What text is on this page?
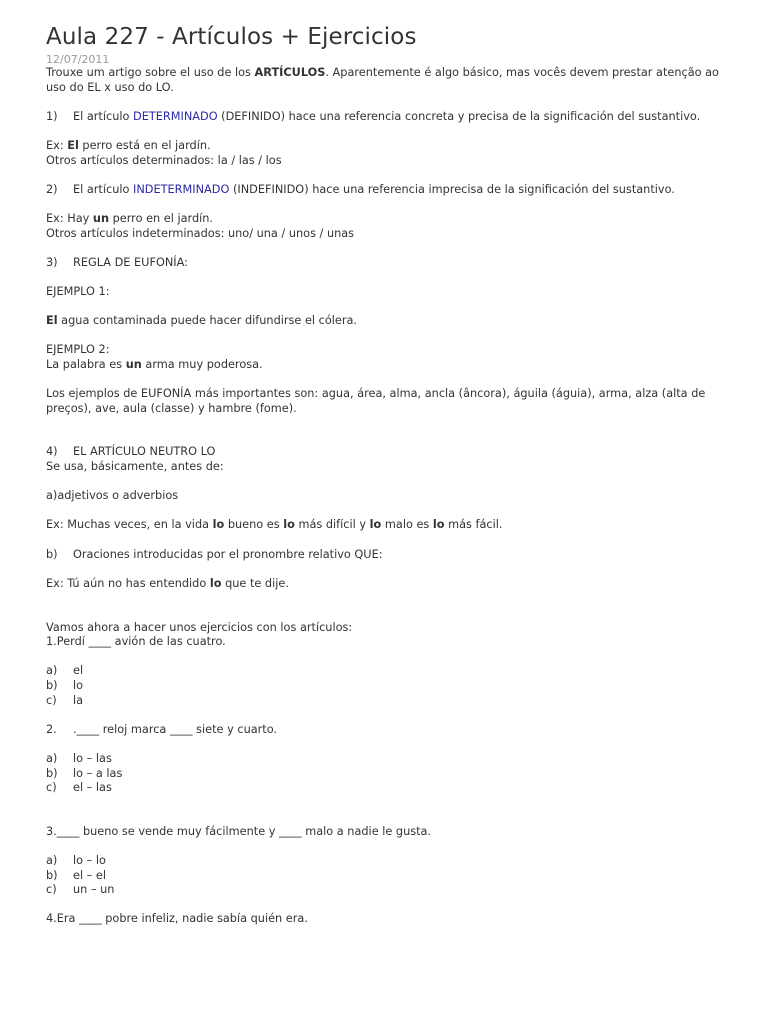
Aula 227 - Artículos + Ejercicios
12/07/2011

Trouxe um artigo sobre el uso de los ARTÍCULOS. Aparentemente é algo básico, mas vocês devem prestar atenção ao uso do EL x uso do LO.

1) El artículo DETERMINADO (DEFINIDO) hace una referencia concreta y precisa de la significación del sustantivo.

Ex: El perro está en el jardín.

Otros artículos determinados: la / las / los

2) El artículo INDETERMINADO (INDEFINIDO) hace una referencia imprecisa de la significación del sustantivo.

Ex: Hay un perro en el jardín.

Otros artículos indeterminados: uno/ una / unos / unas

3) REGLA DE EUFONÍA:

EJEMPLO 1:

El agua contaminada puede hacer difundirse el cólera.

EJEMPLO 2:

La palabra es un arma muy poderosa.

Los ejemplos de EUFONÍA más importantes son: agua, área, alma, ancla (âncora), águila (águia), arma, alza (alta de preços), ave, aula (classe) y hambre (fome).

4) EL ARTÍCULO NEUTRO LO

Se usa, básicamente, antes de:

a)adjetivos o adverbios

Ex: Muchas veces, en la vida lo bueno es lo más difícil y lo malo es lo más fácil.

b) Oraciones introducidas por el pronombre relativo QUE:

Ex: Tú aún no has entendido lo que te dije.

Vamos ahora a hacer unos ejercicios con los artículos:

1.Perdí ____ avión de las cuatro.

a) el

b) lo

c) la

2. .____ reloj marca ____ siete y cuarto.

a) lo – las

b) lo – a las

c) el – las

3.____ bueno se vende muy fácilmente y ____ malo a nadie le gusta.

a) lo – lo

b) el – el

c) un – un

4.Era ____ pobre infeliz, nadie sabía quién era.
